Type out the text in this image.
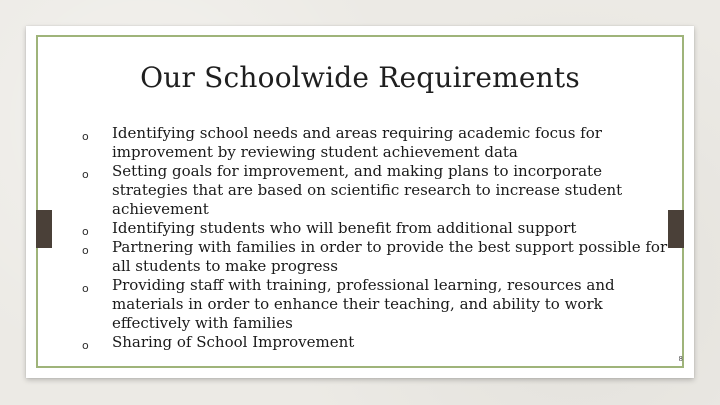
Our Schoolwide Requirements
o Identifying school needs and areas requiring academic focus for improvement by reviewing student achievement data
o Setting goals for improvement, and making plans to incorporate strategies that are based on scientific research to increase student achievement
o Identifying students who will benefit from additional support
o Partnering with families in order to provide the best support possible for all students to make progress
o Providing staff with training, professional learning, resources and materials in order to enhance their teaching, and ability to work effectively with families
o Sharing of School Improvement
8
